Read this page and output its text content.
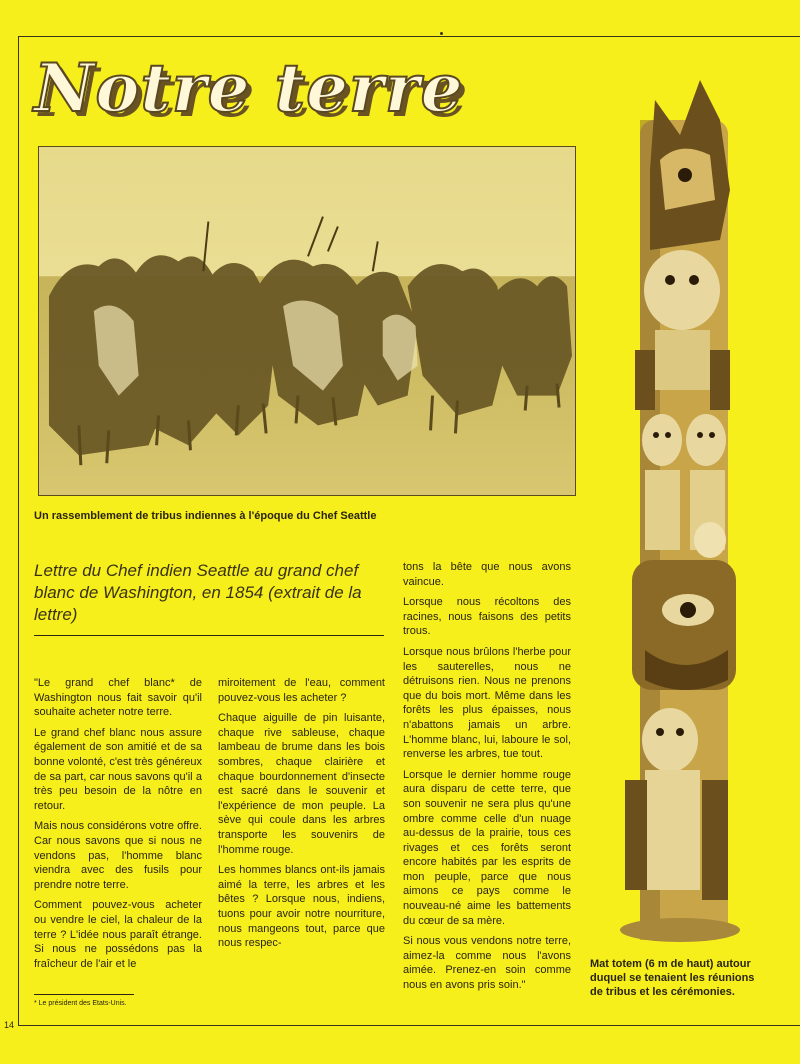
Notre terre
Un rassemblement de tribus indiennes à l'époque du Chef Seattle
Lettre du Chef indien Seattle au grand chef blanc de Washington, en 1854 (extrait de la lettre)

"Le grand chef blanc* de Washington nous fait savoir qu'il souhaite acheter notre terre.

Le grand chef blanc nous assure également de son amitié et de sa bonne volonté, c'est très généreux de sa part, car nous savons qu'il a très peu besoin de la nôtre en retour.

Mais nous considérons votre offre. Car nous savons que si nous ne vendons pas, l'homme blanc viendra avec des fusils pour prendre notre terre.

Comment pouvez-vous acheter ou vendre le ciel, la chaleur de la terre ? L'idée nous paraît étrange. Si nous ne possédons pas la fraîcheur de l'air et le

miroitement de l'eau, comment pouvez-vous les acheter ?

Chaque aiguille de pin luisante, chaque rive sableuse, chaque lambeau de brume dans les bois sombres, chaque clairière et chaque bourdonnement d'insecte est sacré dans le souvenir et l'expérience de mon peuple. La sève qui coule dans les arbres transporte les souvenirs de l'homme rouge.

Les hommes blancs ont-ils jamais aimé la terre, les arbres et les bêtes ? Lorsque nous, indiens, tuons pour avoir notre nourriture, nous mangeons tout, parce que nous respec-

tons la bête que nous avons vaincue.

Lorsque nous récoltons des racines, nous faisons des petits trous.

Lorsque nous brûlons l'herbe pour les sauterelles, nous ne détruisons rien. Nous ne prenons que du bois mort. Même dans les forêts les plus épaisses, nous n'abattons jamais un arbre. L'homme blanc, lui, laboure le sol, renverse les arbres, tue tout.

Lorsque le dernier homme rouge aura disparu de cette terre, que son souvenir ne sera plus qu'une ombre comme celle d'un nuage au-dessus de la prairie, tous ces rivages et ces forêts seront encore habités par les esprits de mon peuple, parce que nous aimons ce pays comme le nouveau-né aime les battements du cœur de sa mère.

Si nous vous vendons notre terre, aimez-la comme nous l'avons aimée. Prenez-en soin comme nous en avons pris soin."

* Le président des Etats-Unis.
14
Mat totem (6 m de haut) autour duquel se tenaient les réunions de tribus et les cérémonies.
